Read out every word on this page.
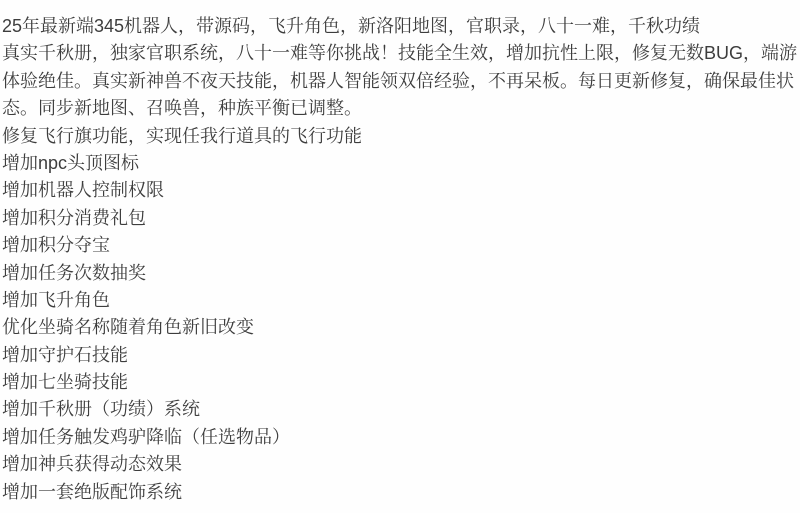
25年最新端345机器人，带源码，飞升角色，新洛阳地图，官职录，八十一难，千秋功绩
真实千秋册，独家官职系统，八十一难等你挑战！技能全生效，增加抗性上限，修复无数BUG，端游
体验绝佳。真实新神兽不夜天技能，机器人智能领双倍经验，不再呆板。每日更新修复，确保最佳状
态。同步新地图、召唤兽，种族平衡已调整。
修复飞行旗功能，实现任我行道具的飞行功能
增加npc头顶图标
增加机器人控制权限
增加积分消费礼包
增加积分夺宝
增加任务次数抽奖
增加飞升角色
优化坐骑名称随着角色新旧改变
增加守护石技能
增加七坐骑技能
增加千秋册（功绩）系统
增加任务触发鸡驴降临（任选物品）
增加神兵获得动态效果
增加一套绝版配饰系统
